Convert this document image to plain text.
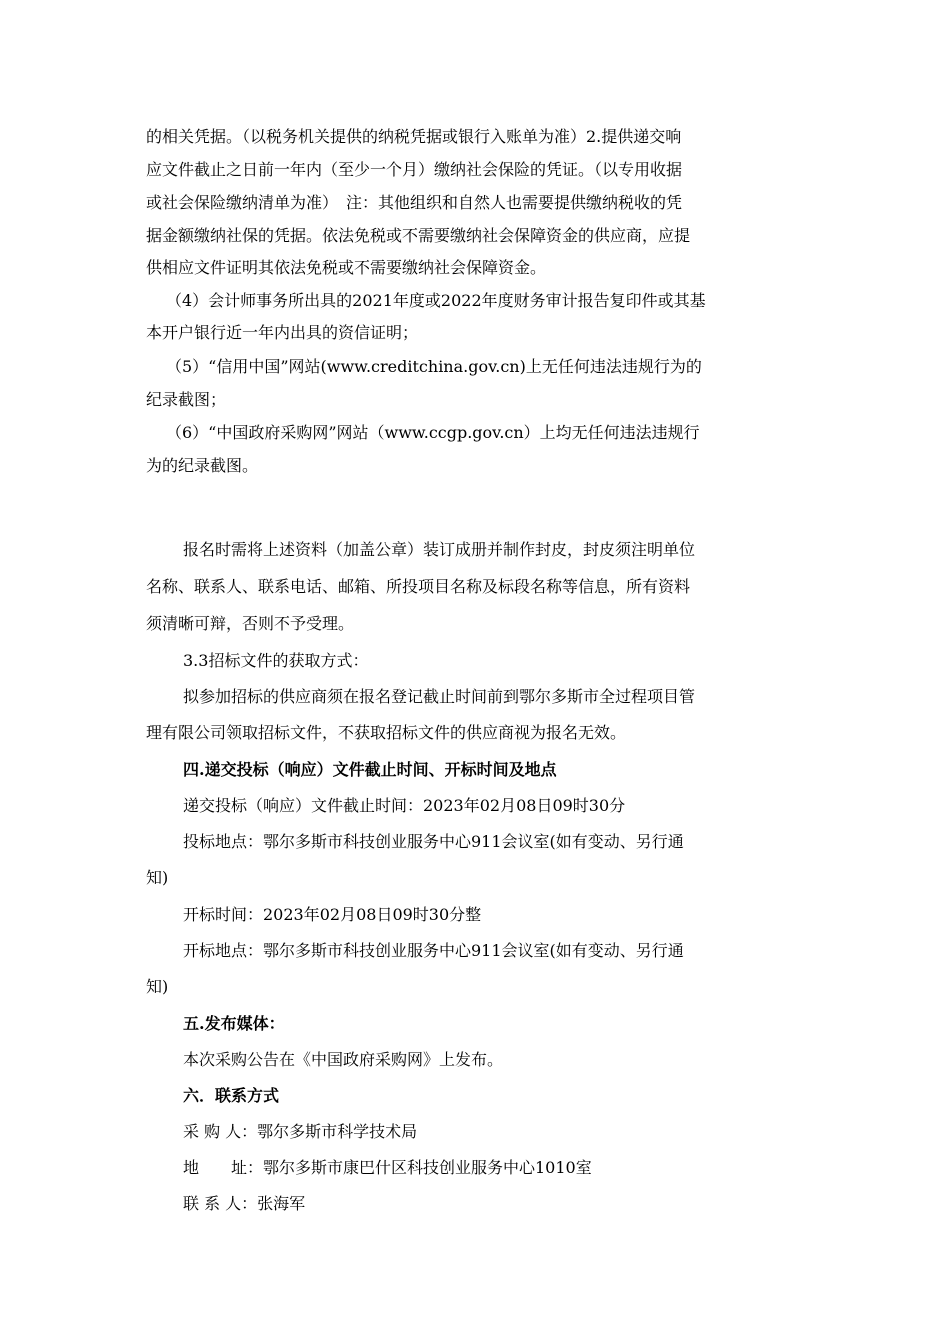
的相关凭据。（以税务机关提供的纳税凭据或银行入账单为准）2.提供递交响

应文件截止之日前一年内（至少一个月）缴纳社会保险的凭证。（以专用收据

或社会保险缴纳清单为准）　注：其他组织和自然人也需要提供缴纳税收的凭

据金额缴纳社保的凭据。依法免税或不需要缴纳社会保障资金的供应商，应提

供相应文件证明其依法免税或不需要缴纳社会保障资金。

（4）会计师事务所出具的2021年度或2022年度财务审计报告复印件或其基

本开户银行近一年内出具的资信证明；

（5）“信用中国”网站(www.creditchina.gov.cn)上无任何违法违规行为的

纪录截图；

（6）“中国政府采购网”网站（www.ccgp.gov.cn）上均无任何违法违规行

为的纪录截图。

报名时需将上述资料（加盖公章）装订成册并制作封皮，封皮须注明单位

名称、联系人、联系电话、邮箱、所投项目名称及标段名称等信息，所有资料

须清晰可辩，否则不予受理。

3.3招标文件的获取方式：

拟参加招标的供应商须在报名登记截止时间前到鄂尔多斯市全过程项目管

理有限公司领取招标文件，不获取招标文件的供应商视为报名无效。

四.递交投标（响应）文件截止时间、开标时间及地点

递交投标（响应）文件截止时间：2023年02月08日09时30分

投标地点：鄂尔多斯市科技创业服务中心911会议室(如有变动、另行通

知)

开标时间：2023年02月08日09时30分整

开标地点：鄂尔多斯市科技创业服务中心911会议室(如有变动、另行通

知)

五.发布媒体：

本次采购公告在《中国政府采购网》上发布。

六．联系方式

采 购 人：鄂尔多斯市科学技术局

地　　址：鄂尔多斯市康巴什区科技创业服务中心1010室

联 系 人：张海军
